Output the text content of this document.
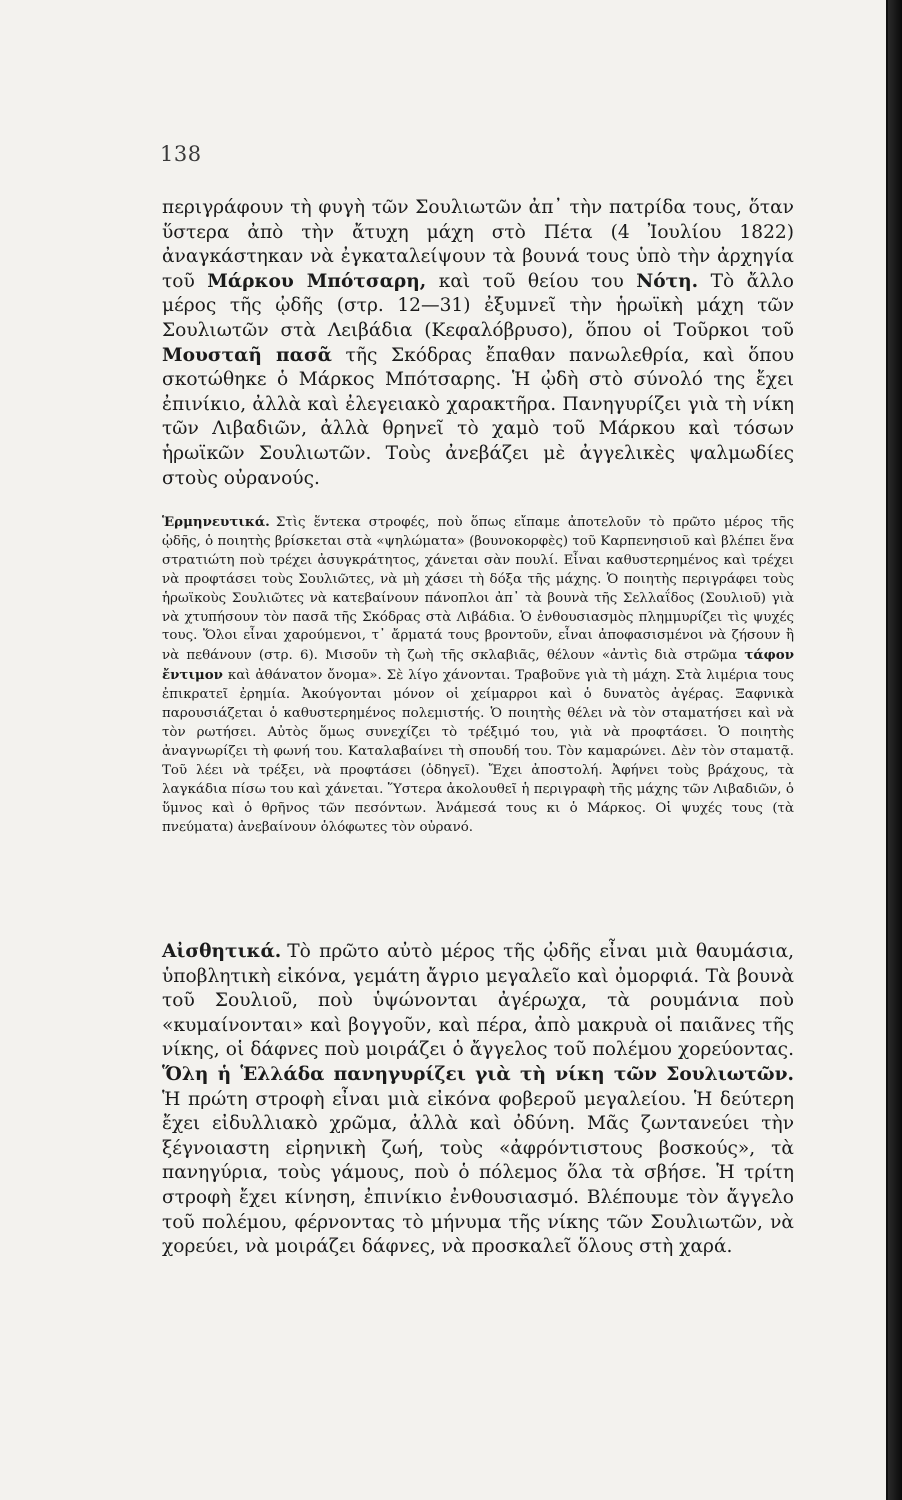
138

περιγράφουν τὴ φυγὴ τῶν Σουλιωτῶν ἀπ᾽ τὴν πατρίδα τους, ὅταν ὕστερα ἀπὸ τὴν ἄτυχη μάχη στὸ Πέτα (4 Ἰουλίου 1822) ἀναγκάστηκαν νὰ ἐγκαταλείψουν τὰ βουνά τους ὑπὸ τὴν ἀρχηγία τοῦ Μάρκου Μπότσαρη, καὶ τοῦ θείου του Νότη. Τὸ ἄλλο μέρος τῆς ᾠδῆς (στρ. 12—31) ἐξυμνεῖ τὴν ἡρωϊκὴ μάχη τῶν Σουλιωτῶν στὰ Λειβάδια (Κεφαλόβρυσο), ὅπου οἱ Τοῦρκοι τοῦ Μουσταῆ πασᾶ τῆς Σκόδρας ἔπαθαν πανωλεθρία, καὶ ὅπου σκοτώθηκε ὁ Μάρκος Μπότσαρης. Ἡ ᾠδὴ στὸ σύνολό της ἔχει ἐπινίκιο, ἀλλὰ καὶ ἐλεγειακὸ χαρακτῆρα. Πανηγυρίζει γιὰ τὴ νίκη τῶν Λιβαδιῶν, ἀλλὰ θρηνεῖ τὸ χαμὸ τοῦ Μάρκου καὶ τόσων ἡρωϊκῶν Σουλιωτῶν. Τοὺς ἀνεβάζει μὲ ἀγγελικὲς ψαλμωδίες στοὺς οὐρανούς.

Ἑρμηνευτικά. Στὶς ἕντεκα στροφές, ποὺ ὅπως εἴπαμε ἀποτελοῦν τὸ πρῶτο μέρος τῆς ᾠδῆς, ὁ ποιητὴς βρίσκεται στὰ «ψηλώματα» (βουνοκορφὲς) τοῦ Καρπενησιοῦ καὶ βλέπει ἕνα στρατιώτη ποὺ τρέχει ἀσυγκράτητος, χάνεται σὰν πουλί. Εἶναι καθυστερημένος καὶ τρέχει νὰ προφτάσει τοὺς Σουλιῶτες, νὰ μὴ χάσει τὴ δόξα τῆς μάχης. Ὁ ποιητὴς περιγράφει τοὺς ἡρωϊκοὺς Σουλιῶτες νὰ κατεβαίνουν πάνοπλοι ἀπ᾽ τὰ βουνὰ τῆς Σελλαΐδος (Σουλιοῦ) γιὰ νὰ χτυπήσουν τὸν πασᾶ τῆς Σκόδρας στὰ Λιβάδια. Ὁ ἐνθουσιασμὸς πλημμυρίζει τὶς ψυχές τους. Ὅλοι εἶναι χαρούμενοι, τ᾽ ἄρματά τους βροντοῦν, εἶναι ἀποφασισμένοι νὰ ζήσουν ἢ νὰ πεθάνουν (στρ. 6). Μισοῦν τὴ ζωὴ τῆς σκλαβιᾶς, θέλουν «ἀντὶς διὰ στρῶμα τάφον ἔντιμον καὶ ἀθάνατον ὄνομα». Σὲ λίγο χάνονται. Τραβοῦνε γιὰ τὴ μάχη. Στὰ λιμέρια τους ἐπικρατεῖ ἐρημία. Ἀκούγονται μόνον οἱ χείμαρροι καὶ ὁ δυνατὸς ἀγέρας. Ξαφνικὰ παρουσιάζεται ὁ καθυστερημένος πολεμιστής. Ὁ ποιητὴς θέλει νὰ τὸν σταματήσει καὶ νὰ τὸν ρωτήσει. Αὐτὸς ὅμως συνεχίζει τὸ τρέξιμό του, γιὰ νὰ προφτάσει. Ὁ ποιητὴς ἀναγνωρίζει τὴ φωνή του. Καταλαβαίνει τὴ σπουδή του. Τὸν καμαρώνει. Δὲν τὸν σταματᾷ. Τοῦ λέει νὰ τρέξει, νὰ προφτάσει (ὁδηγεῖ). Ἔχει ἀποστολή. Ἀφήνει τοὺς βράχους, τὰ λαγκάδια πίσω του καὶ χάνεται. Ὕστερα ἀκολουθεῖ ἡ περιγραφὴ τῆς μάχης τῶν Λιβαδιῶν, ὁ ὕμνος καὶ ὁ θρῆνος τῶν πεσόντων. Ἀνάμεσά τους κι ὁ Μάρκος. Οἱ ψυχές τους (τὰ πνεύματα) ἀνεβαίνουν ὁλόφωτες τὸν οὐρανό.

Αἰσθητικά. Τὸ πρῶτο αὐτὸ μέρος τῆς ᾠδῆς εἶναι μιὰ θαυμάσια, ὑποβλητικὴ εἰκόνα, γεμάτη ἄγριο μεγαλεῖο καὶ ὀμορφιά. Τὰ βουνὰ τοῦ Σουλιοῦ, ποὺ ὑψώνονται ἀγέρωχα, τὰ ρουμάνια ποὺ «κυμαίνονται» καὶ βογγοῦν, καὶ πέρα, ἀπὸ μακρυὰ οἱ παιᾶνες τῆς νίκης, οἱ δάφνες ποὺ μοιράζει ὁ ἄγγελος τοῦ πολέμου χορεύοντας. Ὅλη ἡ Ἑλλάδα πανηγυρίζει γιὰ τὴ νίκη τῶν Σουλιωτῶν. Ἡ πρώτη στροφὴ εἶναι μιὰ εἰκόνα φοβεροῦ μεγαλείου. Ἡ δεύτερη ἔχει εἰδυλλιακὸ χρῶμα, ἀλλὰ καὶ ὀδύνη. Μᾶς ζωντανεύει τὴν ξέγνοιαστη εἰρηνικὴ ζωή, τοὺς «ἀφρόντιστους βοσκούς», τὰ πανηγύρια, τοὺς γάμους, ποὺ ὁ πόλεμος ὅλα τὰ σβήσε. Ἡ τρίτη στροφὴ ἔχει κίνηση, ἐπινίκιο ἐνθουσιασμό. Βλέπουμε τὸν ἄγγελο τοῦ πολέμου, φέρνοντας τὸ μήνυμα τῆς νίκης τῶν Σουλιωτῶν, νὰ χορεύει, νὰ μοιράζει δάφνες, νὰ προσκαλεῖ ὅλους στὴ χαρά.
